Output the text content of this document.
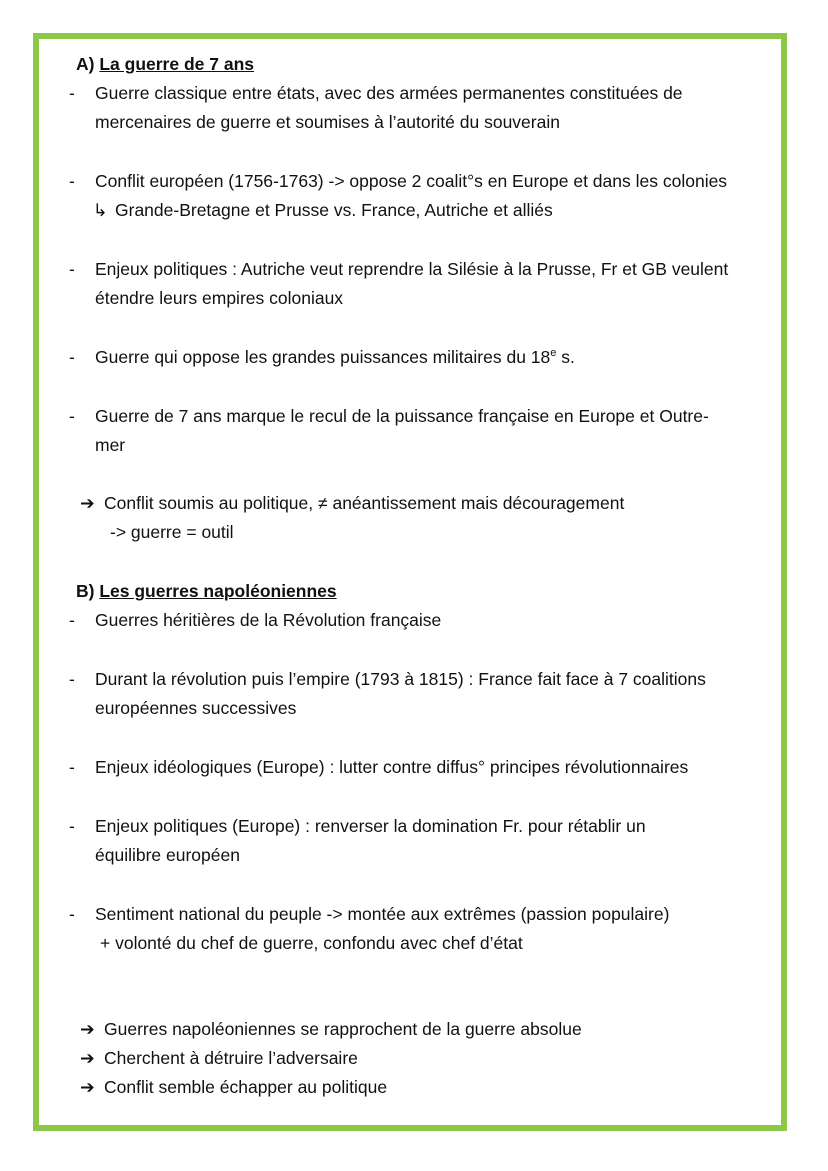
A) La guerre de 7 ans
- Guerre classique entre états, avec des armées permanentes constituées de
mercenaires de guerre et soumises à l’autorité du souverain
- Conflit européen (1756-1763) -> oppose 2 coalit°s en Europe et dans les colonies
↳ Grande-Bretagne et Prusse vs. France, Autriche et alliés
- Enjeux politiques : Autriche veut reprendre la Silésie à la Prusse, Fr et GB veulent
étendre leurs empires coloniaux
- Guerre qui oppose les grandes puissances militaires du 18e s.
- Guerre de 7 ans marque le recul de la puissance française en Europe et Outre-
mer
➔ Conflit soumis au politique, ≠ anéantissement mais découragement
-> guerre = outil
B) Les guerres napoléoniennes
- Guerres héritières de la Révolution française
- Durant la révolution puis l’empire (1793 à 1815) : France fait face à 7 coalitions
européennes successives
- Enjeux idéologiques (Europe) : lutter contre diffus° principes révolutionnaires
- Enjeux politiques (Europe) : renverser la domination Fr. pour rétablir un
équilibre européen
- Sentiment national du peuple -> montée aux extrêmes (passion populaire)
+ volonté du chef de guerre, confondu avec chef d’état
➔ Guerres napoléoniennes se rapprochent de la guerre absolue
➔ Cherchent à détruire l’adversaire
➔ Conflit semble échapper au politique
